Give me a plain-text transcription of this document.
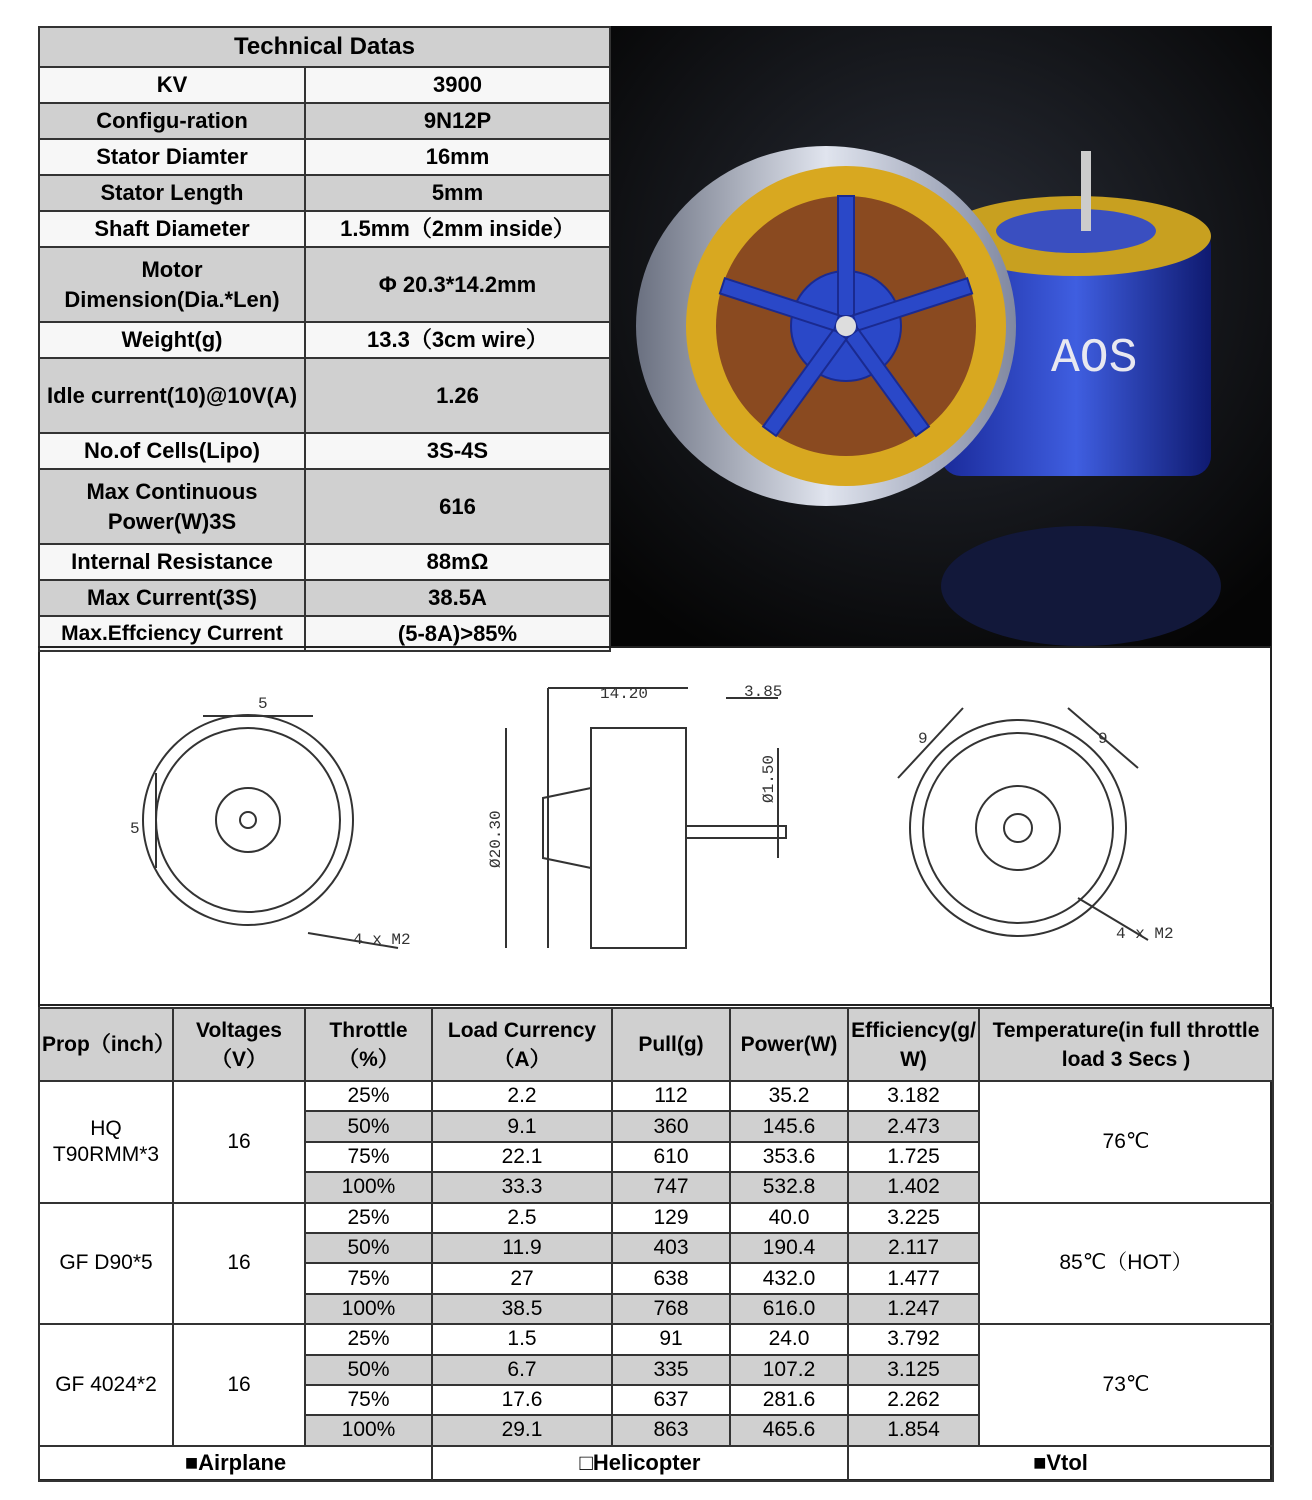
Technical Datas	
KV	3900
Configu-ration	9N12P
Stator Diamter	16mm
Stator Length	5mm
Shaft Diameter	1.5mm（2mm inside）
Motor Dimension(Dia.*Len)	Φ 20.3*14.2mm
Weight(g)	13.3（3cm wire）
Idle current(10)@10V(A)	1.26
No.of Cells(Lipo)	3S-4S
Max Continuous Power(W)3S	616
Internal Resistance	88mΩ
Max Current(3S)	38.5A
Max.Effciency Current	(5-8A)>85%
AOS
5
5
4 x M2
14.20	3.85
Ø20.30
Ø1.50
9	9
4 x M2
Prop（inch）	Voltages（V）	Throttle（%）	Load Currency（A）	Pull(g)	Power(W)	Efficiency(g/W)	Temperature(in full throttle load 3 Secs )
HQ T90RMM*3	16	25%	2.2	112	35.2	3.182	76℃
		50%	9.1	360	145.6	2.473	
		75%	22.1	610	353.6	1.725	
		100%	33.3	747	532.8	1.402	
GF D90*5	16	25%	2.5	129	40.0	3.225	85℃（HOT）
		50%	11.9	403	190.4	2.117	
		75%	27	638	432.0	1.477	
		100%	38.5	768	616.0	1.247	
GF 4024*2	16	25%	1.5	91	24.0	3.792	73℃
		50%	6.7	335	107.2	3.125	
		75%	17.6	637	281.6	2.262	
		100%	29.1	863	465.6	1.854	
■Airplane			□Helicopter			■Vtol	
